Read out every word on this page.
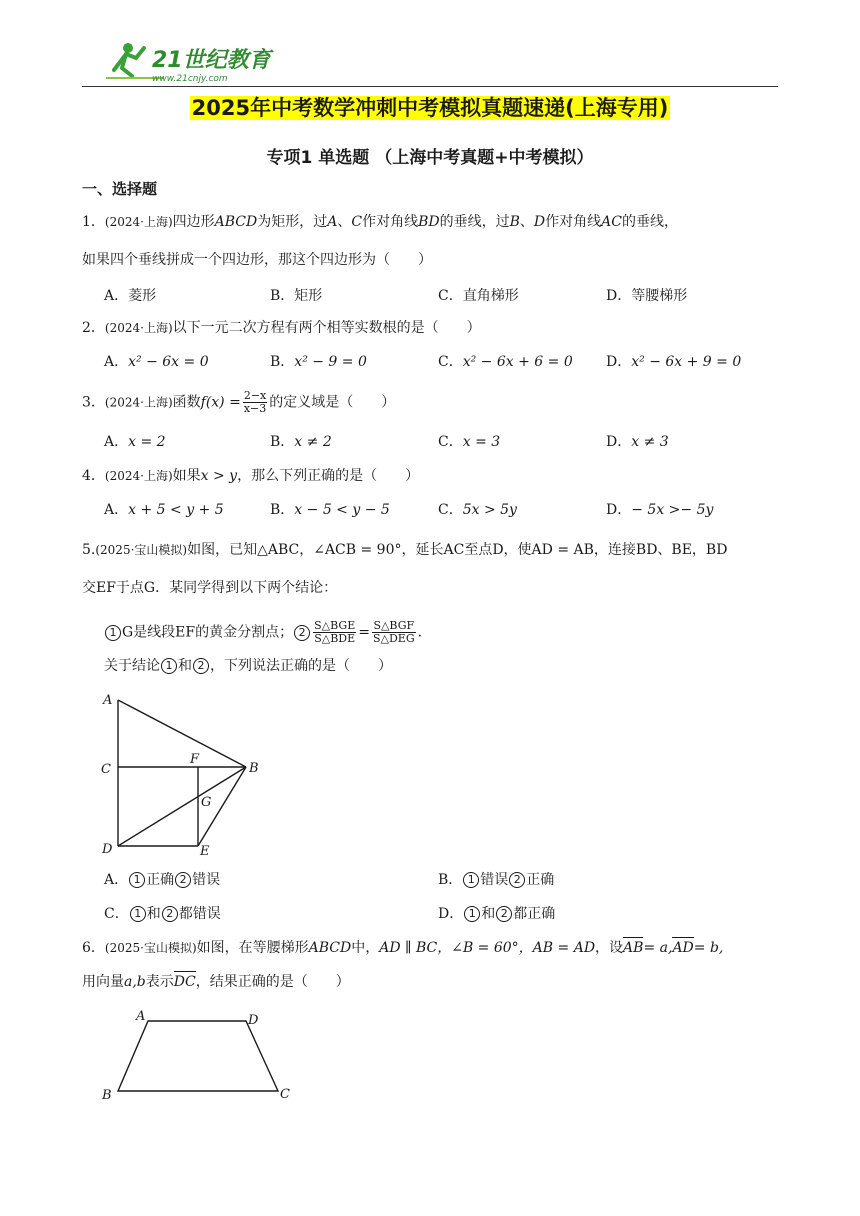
21世纪教育
www.21cnjy.com
2025年中考数学冲刺中考模拟真题速递(上海专用)
专项1 单选题 （上海中考真题+中考模拟）
一、选择题
1．(2024·上海)四边形ABCD为矩形，过A、C作对角线BD的垂线，过B、D作对角线AC的垂线，
如果四个垂线拼成一个四边形，那这个四边形为（　　）
A．菱形	B．矩形	C．直角梯形	D．等腰梯形
2．(2024·上海)以下一元二次方程有两个相等实数根的是（　　）
A．x² − 6x = 0	B．x² − 9 = 0	C．x² − 6x + 6 = 0 D．x² − 6x + 9 = 0
3．(2024·上海)函数$f(x) = \frac{2-x}{x-3}$ 的定义域是（　　）
A．x = 2	B．x ≠ 2	C．x = 3	D．x ≠ 3
4．(2024·上海)如果x > y，那么下列正确的是（　　）
A．x + 5 < y + 5	B．x − 5 < y − 5	C．5x > 5y	D．− 5x >− 5y
5.(2025·宝山模拟)如图，已知△ABC，∠ACB = 90°，延长AC至点D，使AD = AB，连接BD、BE，BD
交EF于点G．某同学得到以下两个结论：
1 G是线段EF的黄金分割点； $2 \frac{\text{S△BGE}}{\text{S△BDE}} = \frac{\text{S△BGF}}{\text{S△DEG}}$ .
关于结论 1 和 2 ，下列说法正确的是（　　）
A
C
D
F
G
B
E
A． 1 正确 2 错误	B． 1 错误 2 正确
C． 1 和 2 都错误	D． 1 和 2 都正确
6．(2025·宝山模拟)如图，在等腰梯形ABCD中，AD ∥ BC，∠B = 60°，AB = AD，设AB= a,AD= b,
用向量a,b表示DC，结果正确的是（　　）
A	D
B	C
